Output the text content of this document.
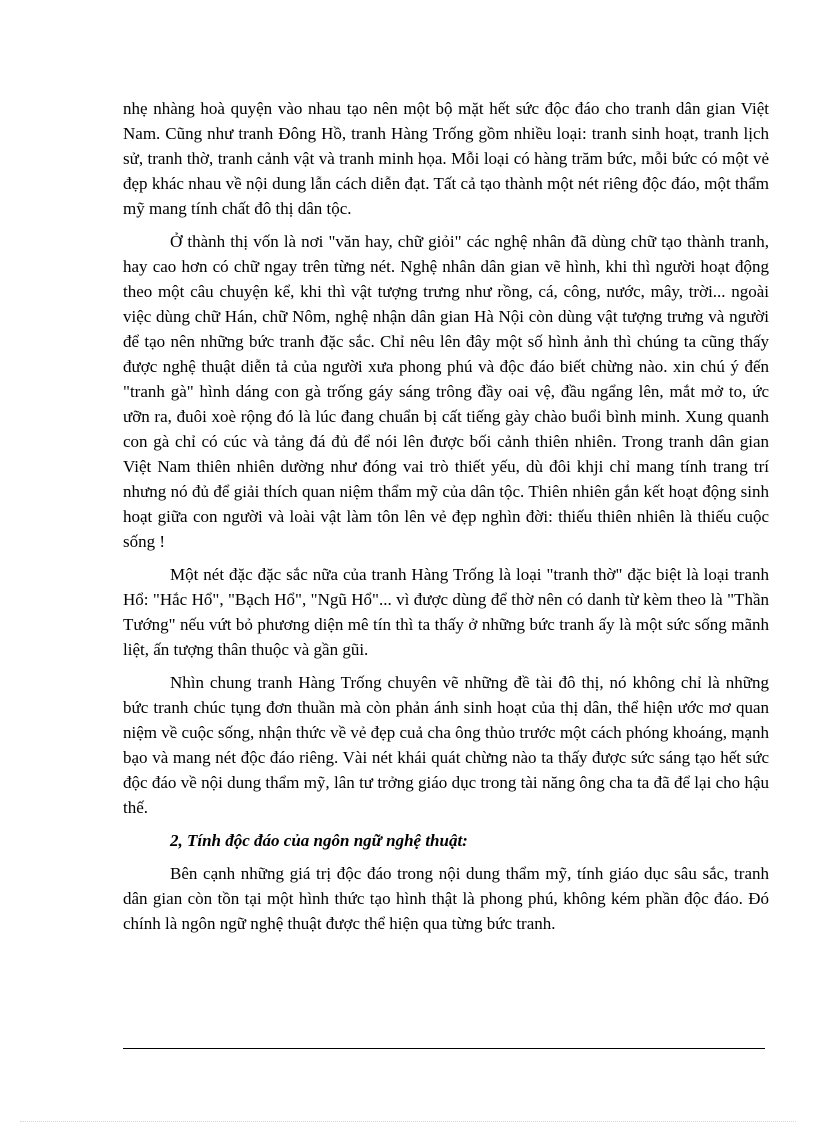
nhẹ nhàng hoà quyện vào nhau tạo nên một bộ mặt hết sức độc đáo cho tranh dân gian Việt Nam. Cũng như tranh Đông Hồ, tranh Hàng Trống gồm nhiều loại: tranh sinh hoạt, tranh lịch sử, tranh thờ, tranh cảnh vật và tranh minh họa. Mỗi loại có hàng trăm bức, mỗi bức có một vẻ đẹp khác nhau về nội dung lẫn cách diễn đạt. Tất cả tạo thành một nét riêng độc đáo, một thẩm mỹ mang tính chất đô thị dân tộc.

Ở thành thị vốn là nơi "văn hay, chữ giỏi" các nghệ nhân đã dùng chữ tạo thành tranh, hay cao hơn có chữ ngay trên từng nét. Nghệ nhân dân gian vẽ hình, khi thì người hoạt động theo một câu chuyện kể, khi thì vật tượng trưng như rồng, cá, công, nước, mây, trời... ngoài việc dùng chữ Hán, chữ Nôm, nghệ nhận dân gian Hà Nội còn dùng vật tượng trưng và người để tạo nên những bức tranh đặc sắc. Chỉ nêu lên đây một số hình ảnh thì chúng ta cũng thấy được nghệ thuật diễn tả của người xưa phong phú và độc đáo biết chừng nào. xin chú ý đến "tranh gà" hình dáng con gà trống gáy sáng trông đầy oai vệ, đầu ngẩng lên, mắt mở to, ức ưỡn ra, đuôi xoè rộng đó là lúc đang chuẩn bị cất tiếng gày chào buổi bình minh. Xung quanh con gà chỉ có cúc và tảng đá đủ để nói lên được bối cảnh thiên nhiên. Trong tranh dân gian Việt Nam thiên nhiên dường như đóng vai trò thiết yếu, dù đôi khji chỉ mang tính trang trí nhưng nó đủ để giải thích quan niệm thẩm mỹ của dân tộc. Thiên nhiên gắn kết hoạt động sinh hoạt giữa con người và loài vật làm tôn lên vẻ đẹp nghìn đời: thiếu thiên nhiên là thiếu cuộc sống !

Một nét đặc đặc sắc nữa của tranh Hàng Trống là loại "tranh thờ" đặc biệt là loại tranh Hổ: "Hắc Hổ", "Bạch Hổ", "Ngũ Hổ"... vì được dùng để thờ nên có danh từ kèm theo là "Thần Tướng" nếu vứt bỏ phương diện mê tín thì ta thấy ở những bức tranh ấy là một sức sống mãnh liệt, ấn tượng thân thuộc và gần gũi.

Nhìn chung tranh Hàng Trống chuyên vẽ những đề tài đô thị, nó không chỉ là những bức tranh chúc tụng đơn thuần mà còn phản ánh sinh hoạt của thị dân, thể hiện ước mơ quan niệm về cuộc sống, nhận thức về vẻ đẹp cuả cha ông thủo trước một cách phóng khoáng, mạnh bạo và mang nét độc đáo riêng. Vài nét khái quát chừng nào ta thấy được sức sáng tạo hết sức độc đáo về nội dung thẩm mỹ, lân tư trởng giáo dục trong tài năng ông cha ta đã để lại cho hậu thế.

2, Tính độc đáo của ngôn ngữ nghệ thuật:

Bên cạnh những giá trị độc đáo trong nội dung thẩm mỹ, tính giáo dục sâu sắc, tranh dân gian còn tồn tại một hình thức tạo hình thật là phong phú, không kém phần độc đáo. Đó chính là ngôn ngữ nghệ thuật được thể hiện qua từng bức tranh.
